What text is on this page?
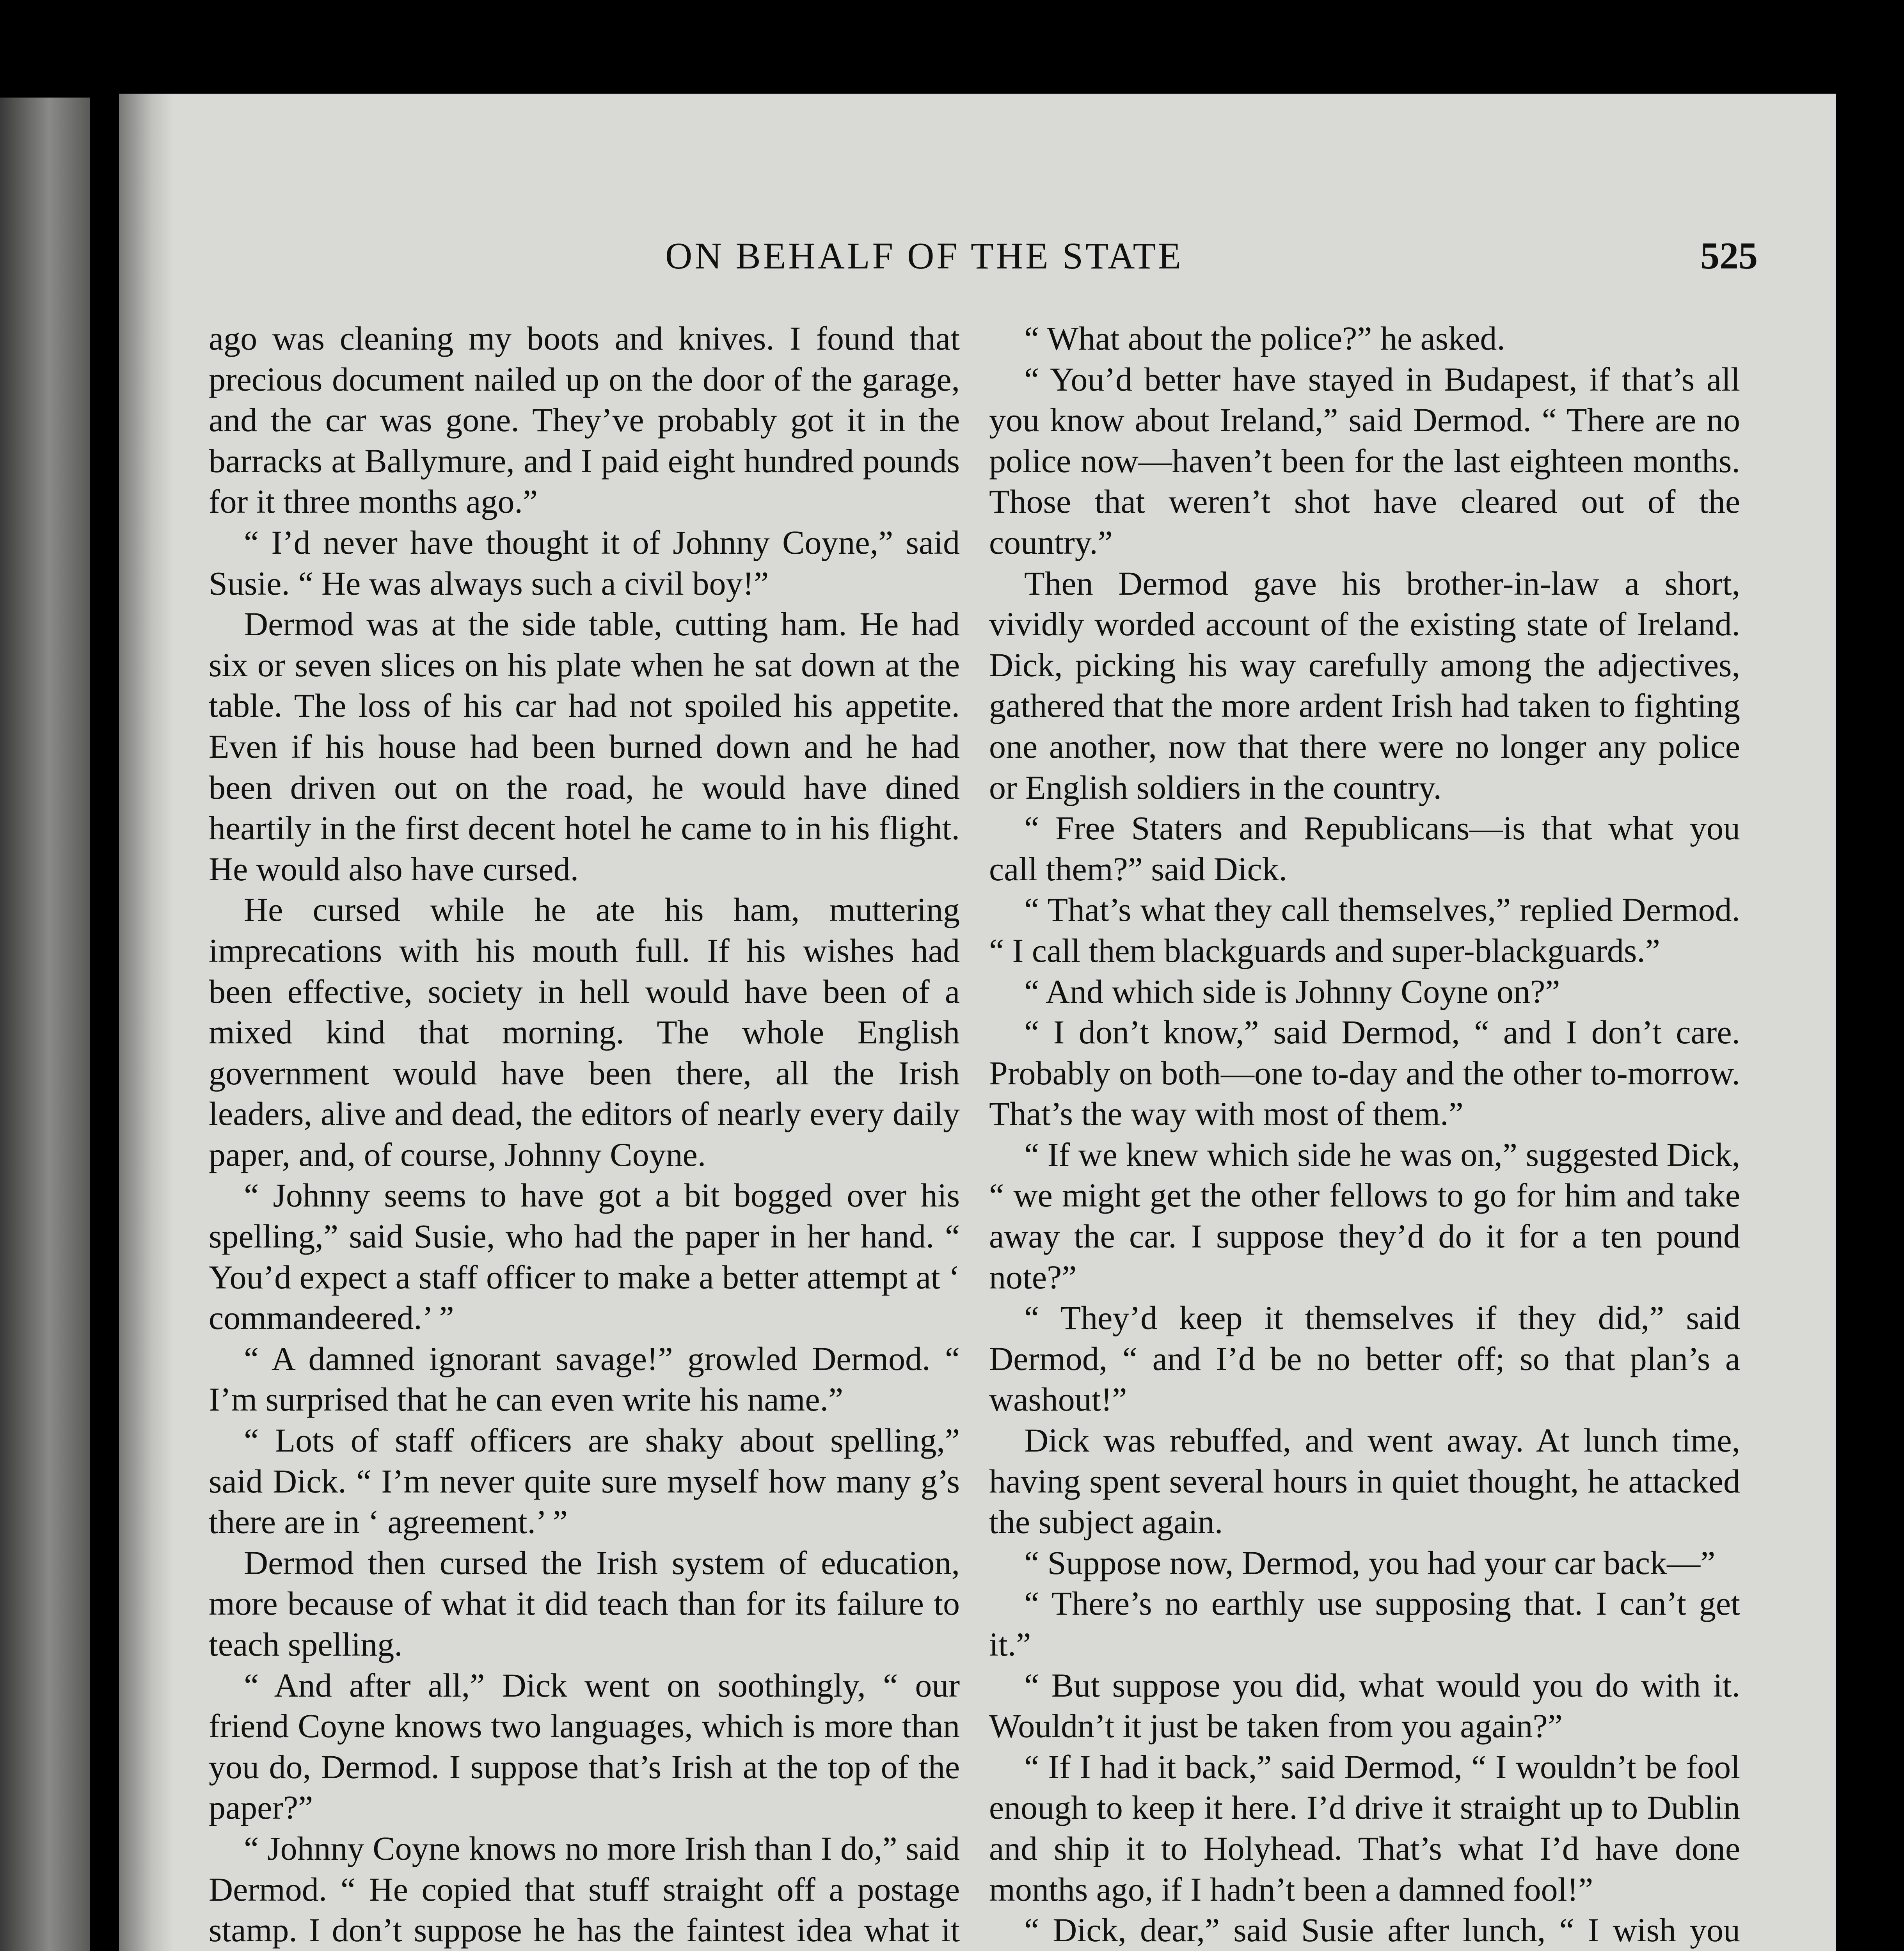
ON BEHALF OF THE STATE	525

ago was cleaning my boots and knives. I found that precious document nailed up on the door of the garage, and the car was gone. They’ve probably got it in the barracks at Ballymure, and I paid eight hundred pounds for it three months ago.”

“ I’d never have thought it of Johnny Coyne,” said Susie. “ He was always such a civil boy!”

Dermod was at the side table, cutting ham. He had six or seven slices on his plate when he sat down at the table. The loss of his car had not spoiled his appetite. Even if his house had been burned down and he had been driven out on the road, he would have dined heartily in the first decent hotel he came to in his flight. He would also have cursed.

He cursed while he ate his ham, muttering imprecations with his mouth full. If his wishes had been effective, society in hell would have been of a mixed kind that morning. The whole English government would have been there, all the Irish leaders, alive and dead, the editors of nearly every daily paper, and, of course, Johnny Coyne.

“ Johnny seems to have got a bit bogged over his spelling,” said Susie, who had the paper in her hand. “ You’d expect a staff officer to make a better attempt at ‘ commandeered.’ ”

“ A damned ignorant savage!” growled Dermod. “ I’m surprised that he can even write his name.”

“ Lots of staff officers are shaky about spelling,” said Dick. “ I’m never quite sure myself how many g’s there are in ‘ agreement.’ ”

Dermod then cursed the Irish system of education, more because of what it did teach than for its failure to teach spelling.

“ And after all,” Dick went on soothingly, “ our friend Coyne knows two languages, which is more than you do, Dermod. I suppose that’s Irish at the top of the paper?”

“ Johnny Coyne knows no more Irish than I do,” said Dermod. “ He copied that stuff straight off a postage stamp. I don’t suppose he has the faintest idea what it

“ What about the police?” he asked.

“ You’d better have stayed in Budapest, if that’s all you know about Ireland,” said Dermod. “ There are no police now—haven’t been for the last eighteen months. Those that weren’t shot have cleared out of the country.”

Then Dermod gave his brother-in-law a short, vividly worded account of the existing state of Ireland. Dick, picking his way carefully among the adjectives, gathered that the more ardent Irish had taken to fighting one another, now that there were no longer any police or English soldiers in the country.

“ Free Staters and Republicans—is that what you call them?” said Dick.

“ That’s what they call themselves,” replied Dermod. “ I call them blackguards and super-blackguards.”

“ And which side is Johnny Coyne on?”

“ I don’t know,” said Dermod, “ and I don’t care. Probably on both—one to-day and the other to-morrow. That’s the way with most of them.”

“ If we knew which side he was on,” suggested Dick, “ we might get the other fellows to go for him and take away the car. I suppose they’d do it for a ten pound note?”

“ They’d keep it themselves if they did,” said Dermod, “ and I’d be no better off; so that plan’s a washout!”

Dick was rebuffed, and went away. At lunch time, having spent several hours in quiet thought, he attacked the subject again.

“ Suppose now, Dermod, you had your car back—”

“ There’s no earthly use supposing that. I can’t get it.”

“ But suppose you did, what would you do with it. Wouldn’t it just be taken from you again?”

“ If I had it back,” said Dermod, “ I wouldn’t be fool enough to keep it here. I’d drive it straight up to Dublin and ship it to Holyhead. That’s what I’d have done months ago, if I hadn’t been a damned fool!”

“ Dick, dear,” said Susie after lunch, “ I wish you
